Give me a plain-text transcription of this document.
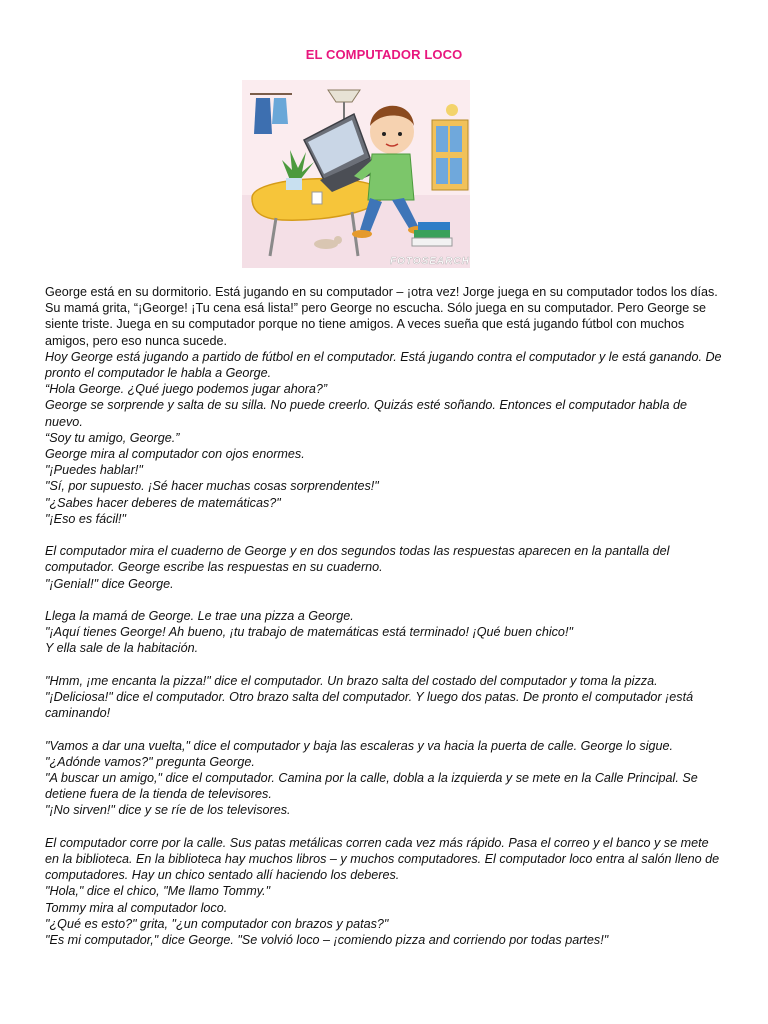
EL COMPUTADOR LOCO
FOTOSEARCH

George está en su dormitorio. Está jugando en su computador – ¡otra vez! Jorge juega en su computador todos los días.

Su mamá grita, “¡George! ¡Tu cena esá lista!” pero George no escucha. Sólo juega en su computador. Pero George se

siente triste. Juega en su computador porque no tiene amigos. A veces sueña que está jugando fútbol con muchos

amigos, pero eso nunca sucede.

Hoy George está jugando a partido de fútbol en el computador. Está jugando contra el computador y le está ganando. De

pronto el computador le habla a George.

“Hola George. ¿Qué juego podemos jugar ahora?”

George se sorprende y salta de su silla. No puede creerlo. Quizás esté soñando. Entonces el computador habla de

nuevo.

“Soy tu amigo, George.”

George mira al computador con ojos enormes.

"¡Puedes hablar!"

"Sí, por supuesto. ¡Sé hacer muchas cosas sorprendentes!"

"¿Sabes hacer deberes de matemáticas?"

"¡Eso es fácil!"

El computador mira el cuaderno de George y en dos segundos todas las respuestas aparecen en la pantalla del

computador. George escribe las respuestas en su cuaderno.

"¡Genial!" dice George.

Llega la mamá de George. Le trae una pizza a George.

"¡Aquí tienes George! Ah bueno, ¡tu trabajo de matemáticas está terminado! ¡Qué buen chico!"

Y ella sale de la habitación.

"Hmm, ¡me encanta la pizza!" dice el computador. Un brazo salta del costado del computador y toma la pizza.

"¡Deliciosa!" dice el computador. Otro brazo salta del computador. Y luego dos patas. De pronto el computador ¡está

caminando!

"Vamos a dar una vuelta," dice el computador y baja las escaleras y va hacia la puerta de calle. George lo sigue.

"¿Adónde vamos?" pregunta George.

"A buscar un amigo," dice el computador. Camina por la calle, dobla a la izquierda y se mete en la Calle Principal. Se

detiene fuera de la tienda de televisores.

"¡No sirven!" dice y se ríe de los televisores.

El computador corre por la calle. Sus patas metálicas corren cada vez más rápido. Pasa el correo y el banco y se mete

en la biblioteca. En la biblioteca hay muchos libros – y muchos computadores. El computador loco entra al salón lleno de

computadores. Hay un chico sentado allí haciendo los deberes.

"Hola," dice el chico, "Me llamo Tommy."

Tommy mira al computador loco.

"¿Qué es esto?" grita, "¿un computador con brazos y patas?"

"Es mi computador," dice George. "Se volvió loco – ¡comiendo pizza and corriendo por todas partes!"
